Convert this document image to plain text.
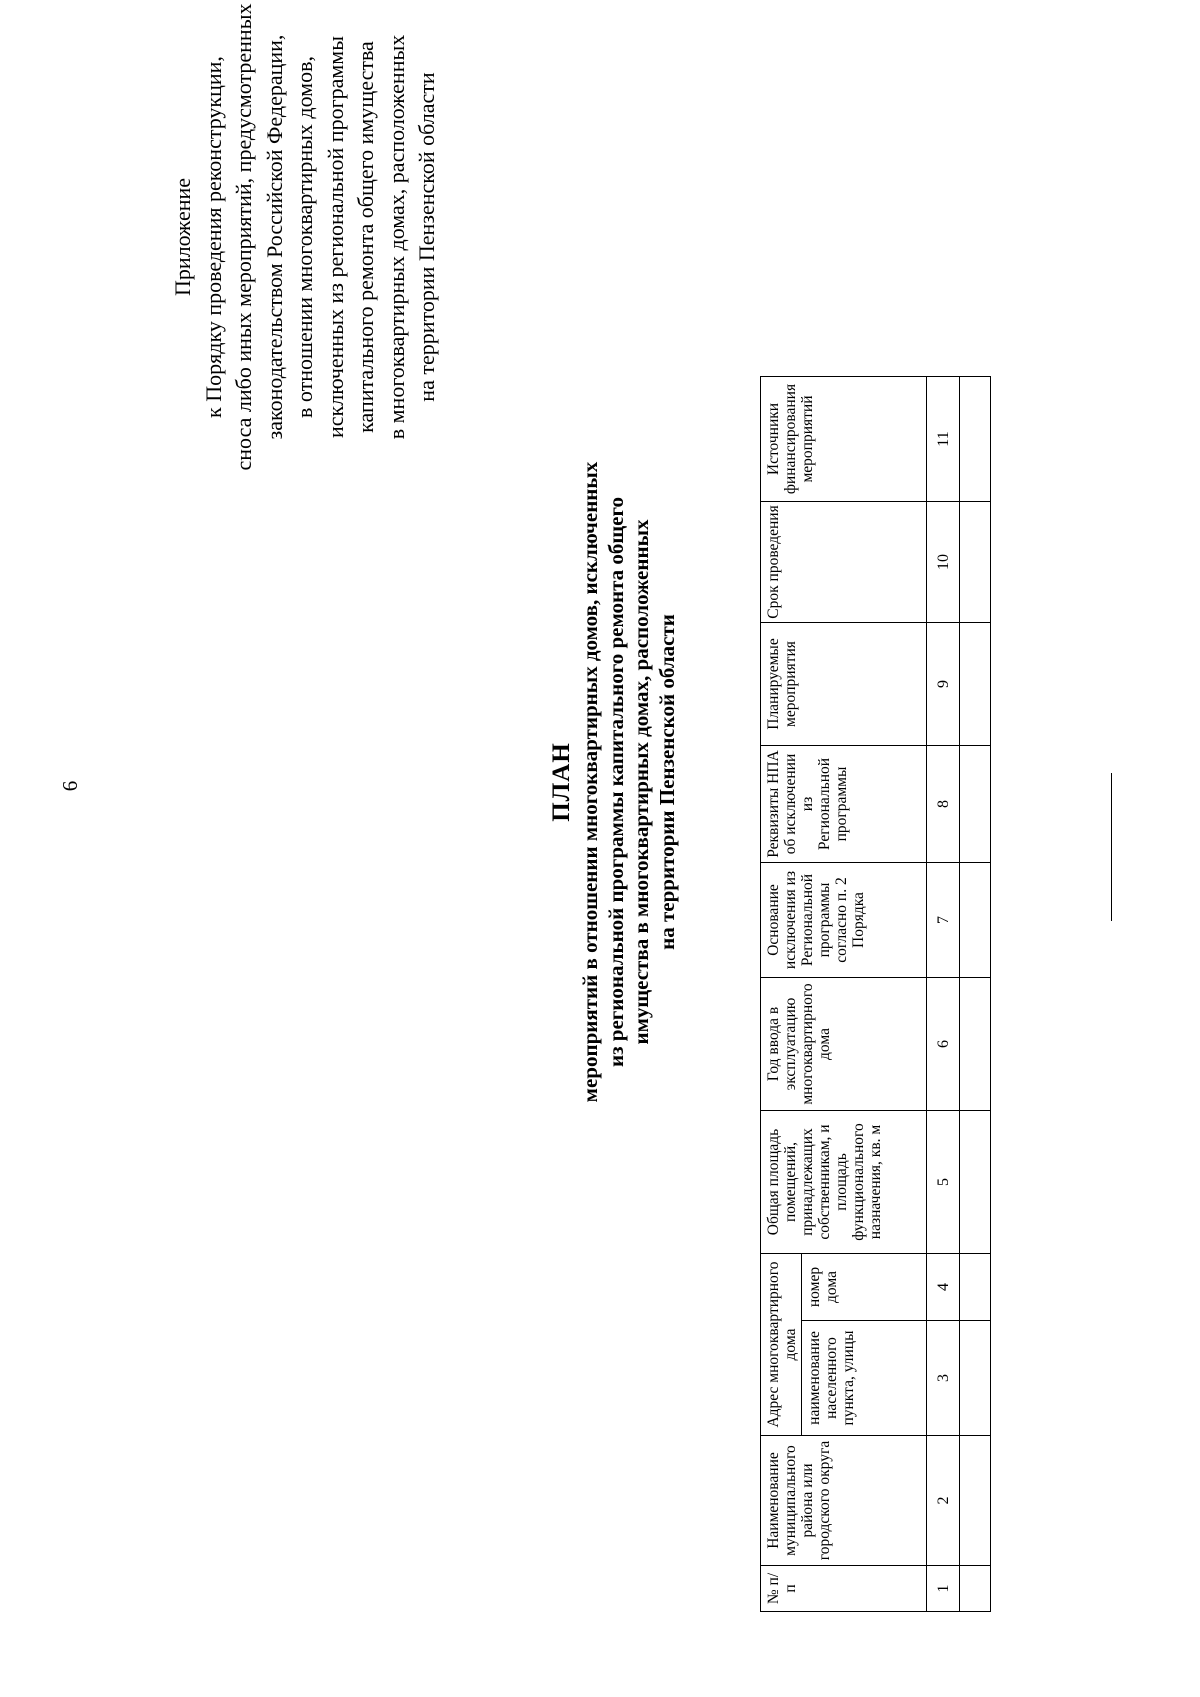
6
Приложение к Порядку проведения реконструкции, сноса либо иных мероприятий, предусмотренных законодательством Российской Федерации, в отношении многоквартирных домов, исключенных из региональной программы капитального ремонта общего имущества в многоквартирных домах, расположенных на территории Пензенской области
ПЛАН мероприятий в отношении многоквартирных домов, исключенных из региональной программы капитального ремонта общего имущества в многоквартирных домах, расположенных на территории Пензенской области
№ п/п	Наименование муниципального района или городского округа	Адрес многоквартирного дома		Общая площадь помещений, принадлежащих собственникам, и площадь функционального назначения, кв. м	Год ввода в эксплуатацию многоквартирного дома	Основание исключения из Региональной программы согласно п. 2 Порядка	Реквизиты НПА об исключении из Региональной программы	Планируемые мероприятия	Срок проведения	Источники финансирования мероприятий
		наименование населенного пункта, улицы	номер дома							
1	2	3	4	5	6	7	8	9	10	11
